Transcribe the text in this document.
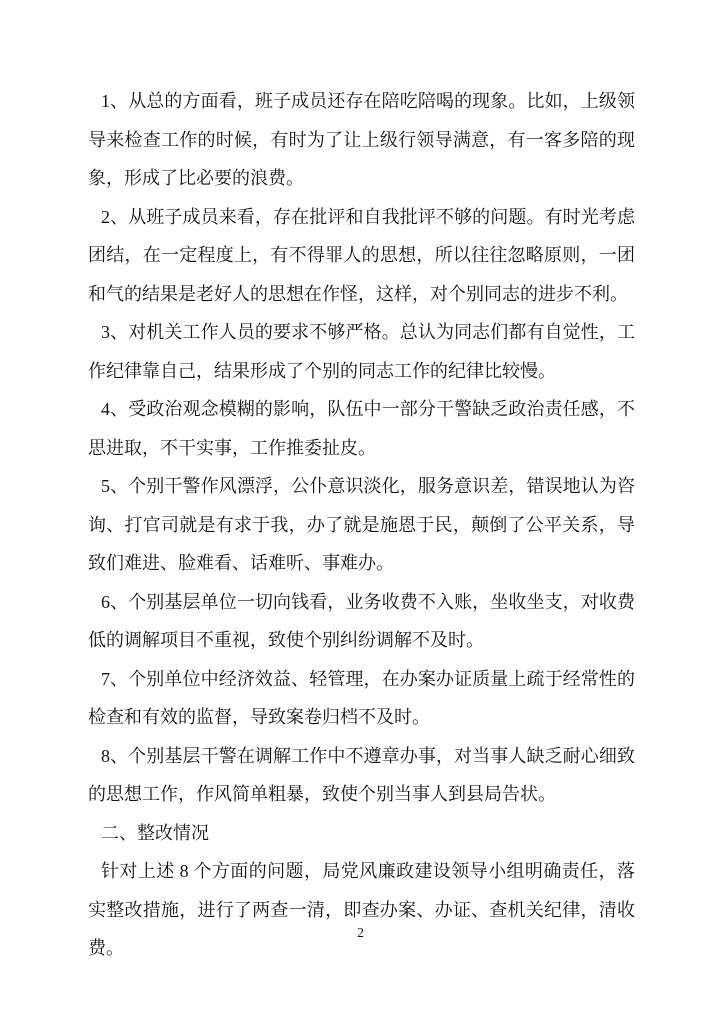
1、从总的方面看，班子成员还存在陪吃陪喝的现象。比如，上级领导来检查工作的时候，有时为了让上级行领导满意，有一客多陪的现象，形成了比必要的浪费。

2、从班子成员来看，存在批评和自我批评不够的问题。有时光考虑团结，在一定程度上，有不得罪人的思想，所以往往忽略原则，一团和气的结果是老好人的思想在作怪，这样，对个别同志的进步不利。

3、对机关工作人员的要求不够严格。总认为同志们都有自觉性，工作纪律靠自己，结果形成了个别的同志工作的纪律比较慢。

4、受政治观念模糊的影响，队伍中一部分干警缺乏政治责任感，不思进取，不干实事，工作推委扯皮。

5、个别干警作风漂浮，公仆意识淡化，服务意识差，错误地认为咨询、打官司就是有求于我，办了就是施恩于民，颠倒了公平关系，导致们难进、脸难看、话难听、事难办。

6、个别基层单位一切向钱看，业务收费不入账，坐收坐支，对收费低的调解项目不重视，致使个别纠纷调解不及时。

7、个别单位中经济效益、轻管理，在办案办证质量上疏于经常性的检查和有效的监督，导致案卷归档不及时。

8、个别基层干警在调解工作中不遵章办事，对当事人缺乏耐心细致的思想工作，作风简单粗暴，致使个别当事人到县局告状。

二、整改情况

针对上述 8 个方面的问题，局党风廉政建设领导小组明确责任，落实整改措施，进行了两查一清，即查办案、办证、查机关纪律，清收费。

2
